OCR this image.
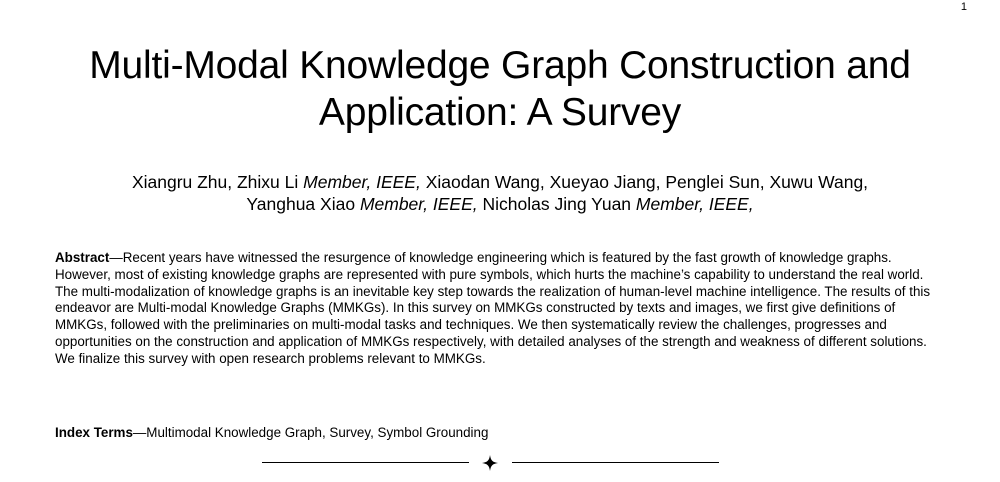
1
Multi-Modal Knowledge Graph Construction and
Application: A Survey
Xiangru Zhu, Zhixu Li Member, IEEE, Xiaodan Wang, Xueyao Jiang, Penglei Sun, Xuwu Wang,
Yanghua Xiao Member, IEEE, Nicholas Jing Yuan Member, IEEE,

Abstract—Recent years have witnessed the resurgence of knowledge engineering which is featured by the fast growth of knowledge graphs. However, most of existing knowledge graphs are represented with pure symbols, which hurts the machine’s capability to understand the real world. The multi-modalization of knowledge graphs is an inevitable key step towards the realization of human-level machine intelligence. The results of this endeavor are Multi-modal Knowledge Graphs (MMKGs). In this survey on MMKGs constructed by texts and images, we first give definitions of MMKGs, followed with the preliminaries on multi-modal tasks and techniques. We then systematically review the challenges, progresses and opportunities on the construction and application of MMKGs respectively, with detailed analyses of the strength and weakness of different solutions. We finalize this survey with open research problems relevant to MMKGs.

Index Terms—Multimodal Knowledge Graph, Survey, Symbol Grounding
